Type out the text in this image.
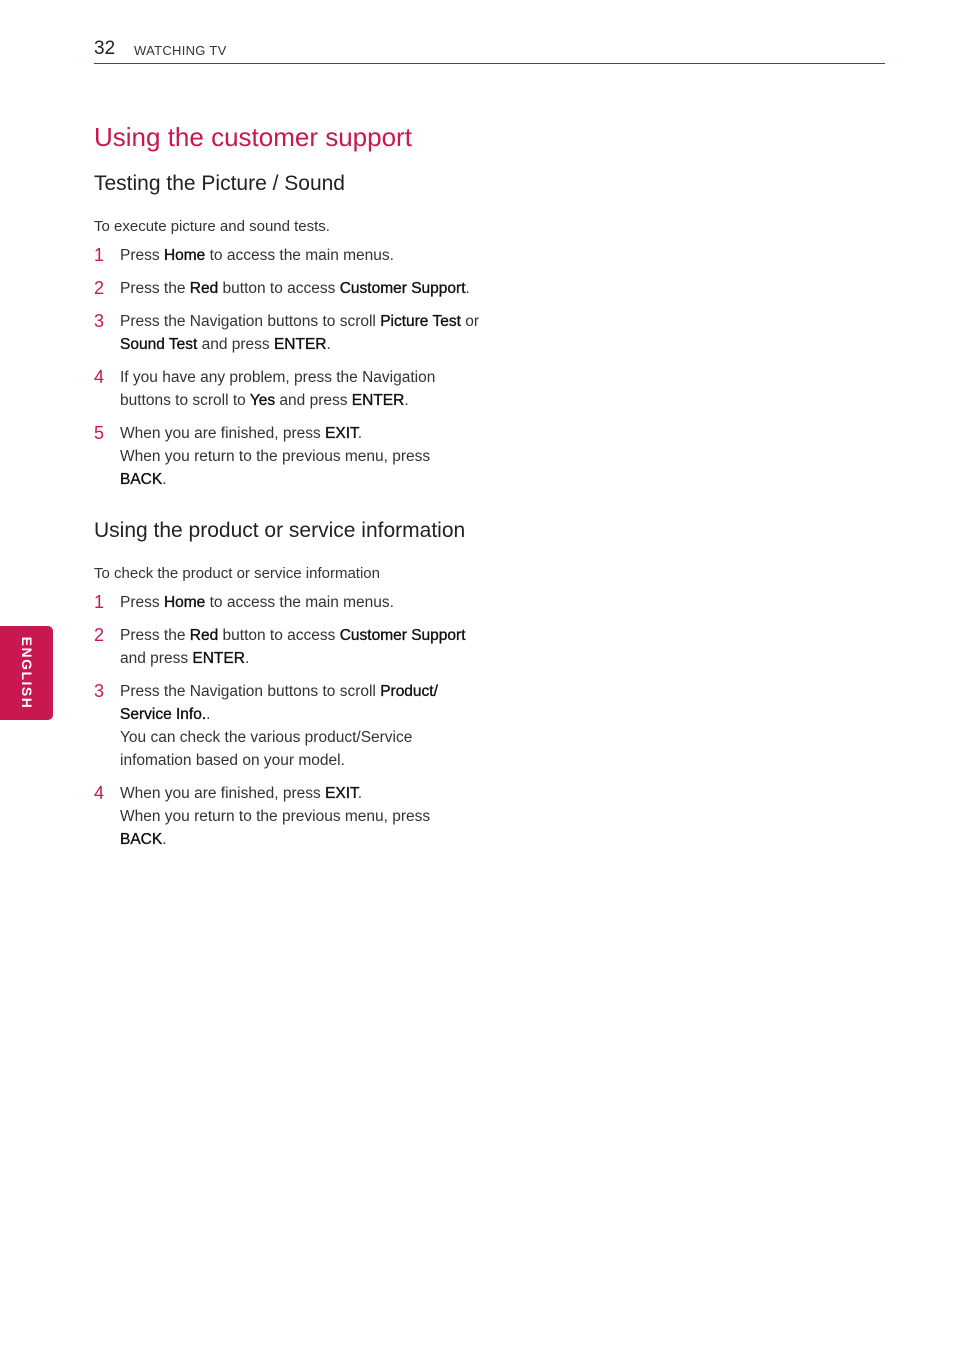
32 WATCHING TV
ENGLISH
Using the customer support
Testing the Picture / Sound

To execute picture and sound tests.

1 Press Home to access the main menus.
2 Press the Red button to access Customer Support.
3 Press the Navigation buttons to scroll Picture Test or Sound Test and press ENTER.
4 If you have any problem, press the Navigation buttons to scroll to Yes and press ENTER.
5 When you are finished, press EXIT.
When you return to the previous menu, press BACK.
Using the product or service information

To check the product or service information

1 Press Home to access the main menus.
2 Press the Red button to access Customer Support and press ENTER.
3 Press the Navigation buttons to scroll Product/ Service Info..
You can check the various product/Service infomation based on your model.
4 When you are finished, press EXIT.
When you return to the previous menu, press BACK.
